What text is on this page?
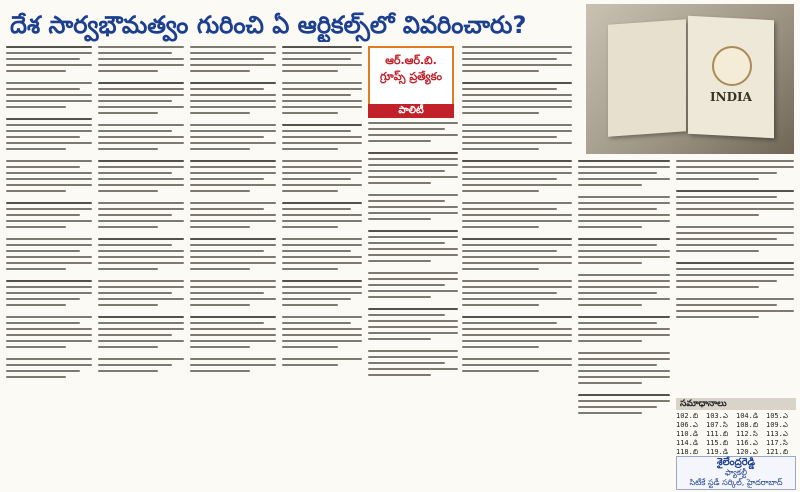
దేశ సార్వభౌమత్వం గురించి ఏ ఆర్టికల్స్‌లో వివరించారు?
INDIA
ఆర్.ఆర్.బి.
గ్రూప్స్ ప్రత్యేకం
పాలిటీ
సమాధానాలు
102.బి	103.ఎ	104.డి	105.ఎ
106.ఎ	107.సి	108.బి	109.ఎ
110.డి	111.బి	112.సి	113.ఎ
114.డి	115.బి	116.ఎ	117.సి
118.బి	119.డి	120.ఎ	121.బి
శైలేంద్రరెడ్డి
ఫ్యాకల్టీ
సిటీకే స్టడీ సర్కిల్, హైదరాబాద్
